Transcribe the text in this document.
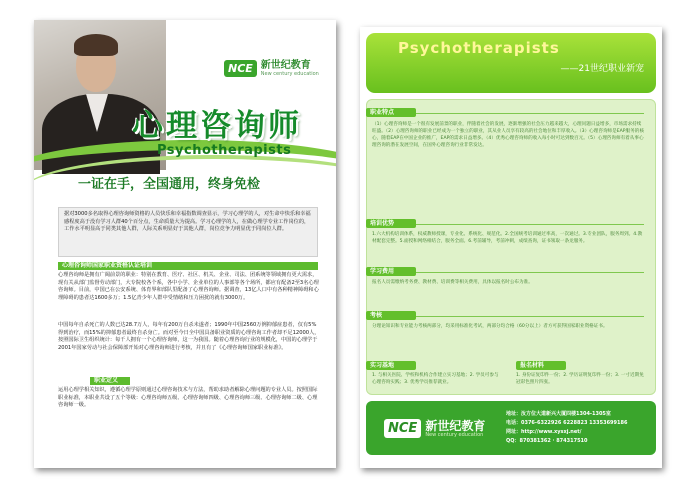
NCE 新世纪教育
New century education
心理咨询师
Psychotherapists
一证在手，全国通用，终身免检
据对3000多名取得心理咨询师资格的人员快乐和幸福指数调查显示，学习心理学的人，对生命中快乐和幸福感程度高于没有学习人群40个百分点，生命质量大为提高。学习心理学的人，在做心理学专业工作岗位的，工作水平明显高于同类其他人群，人际关系明显好于其他人群，岗位竞争力明显优于同岗位人群。
心理咨询师国家职业资格认证培训
心理咨询师是拥有广阔前景的职业：特别在教育、医疗、社区、机关、企业、司法、团系统等领域拥有更大需求，现有关从部门监督劳动部门，大专院校各个系，各中小学、企业单位的人事部等各个场所，都应有配备2至3名心理咨询师。目前，中国已在公安系统、体育界和部队里配备了心理咨询师。据调查，13亿人口中有各种精神障碍和心理障碍的患者达1600多万；1.5亿青少年人群中受情绪和压力困扰的就有3000万。
中国每年自杀死亡的人数已达28.7万人，每年有200万自杀未遂者；1990年中国2560万例抑郁症患者，仅有5%得到治疗，而15%的抑郁患者最终自杀身亡。而对至今日全中国具备职业资质的心理咨询工作者却不足12000人，按照国际卫生组织统计：每千人拥有一个心理咨询师，这一为我国。随着心理咨询行业的规模化，中国的心理学于2001年国家劳动与社会保障部开始对心理咨询师进行考核，并且有了《心理咨询师国家职业标准》。
职业定义
运用心理学相关知识，遵循心理学原则通过心理咨询技术与方法，帮助求助者解除心理问题的专业人员。按照国际职业标准，本职业共设了五个等级：心理咨询师五级、心理咨询师四级、心理咨询师三级、心理咨询师二级、心理咨询师一级。
Psychotherapists
——21世纪职业新宠
职业特点
（1）心理咨询师是一个很有发展前景的职业，伴随着社会的发展，逐渐增强的社会压力越来越大，心理问题日益增多，市场需求持续旺盛。（2）心理咨询师的职业已经成为一个独立的职业，其从业人员享有较高的社会地位和丰厚收入。（3）心理咨询师是EAP服务的核心，随着EAP在中国企业的推广，EAP的需求日益增多。（4）优秀心理咨询师的收入每小时可达到数百元。（5）心理咨询师有着从事心理咨询的潜在发展空间，在国外心理咨询行业非常发达。
培训优势
1.六大机构培训体系，权威教师授课，专业化、系统化、规范化。2.全国统考培训通过率高，一次通过。3.专业团队，服务周到。4.教材配套完整。5.面授和网络相结合，服务全面。6.考前辅导，考前冲刺，成绩查询，证书领取一条龙服务。
学习费用
报名人员需缴纳考务费、教材费、培训费等相关费用，具体以报名时公布为准。
考核
分理论知识和专业能力考核两部分，均采用标准化考试，两部分均合格（60分以上）者方可获得国家职业资格证书。
实习基地
1. 与相关医院、学校和机构合作建立实习基地；2. 学员可参与心理咨询实践；3. 优秀学员推荐就业。
报名材料
1. 身份证复印件一份；2. 学历证明复印件一份；3. 一寸近期免冠彩色照片四张。
NCE 新世纪教育
New century education
地址：汝方位大道新兴大厦四楼1304-1305室
电话：0376-6322926 6228823 13353699186
网址：http://www.xysxj.net/
QQ：870381362 · 874317510
